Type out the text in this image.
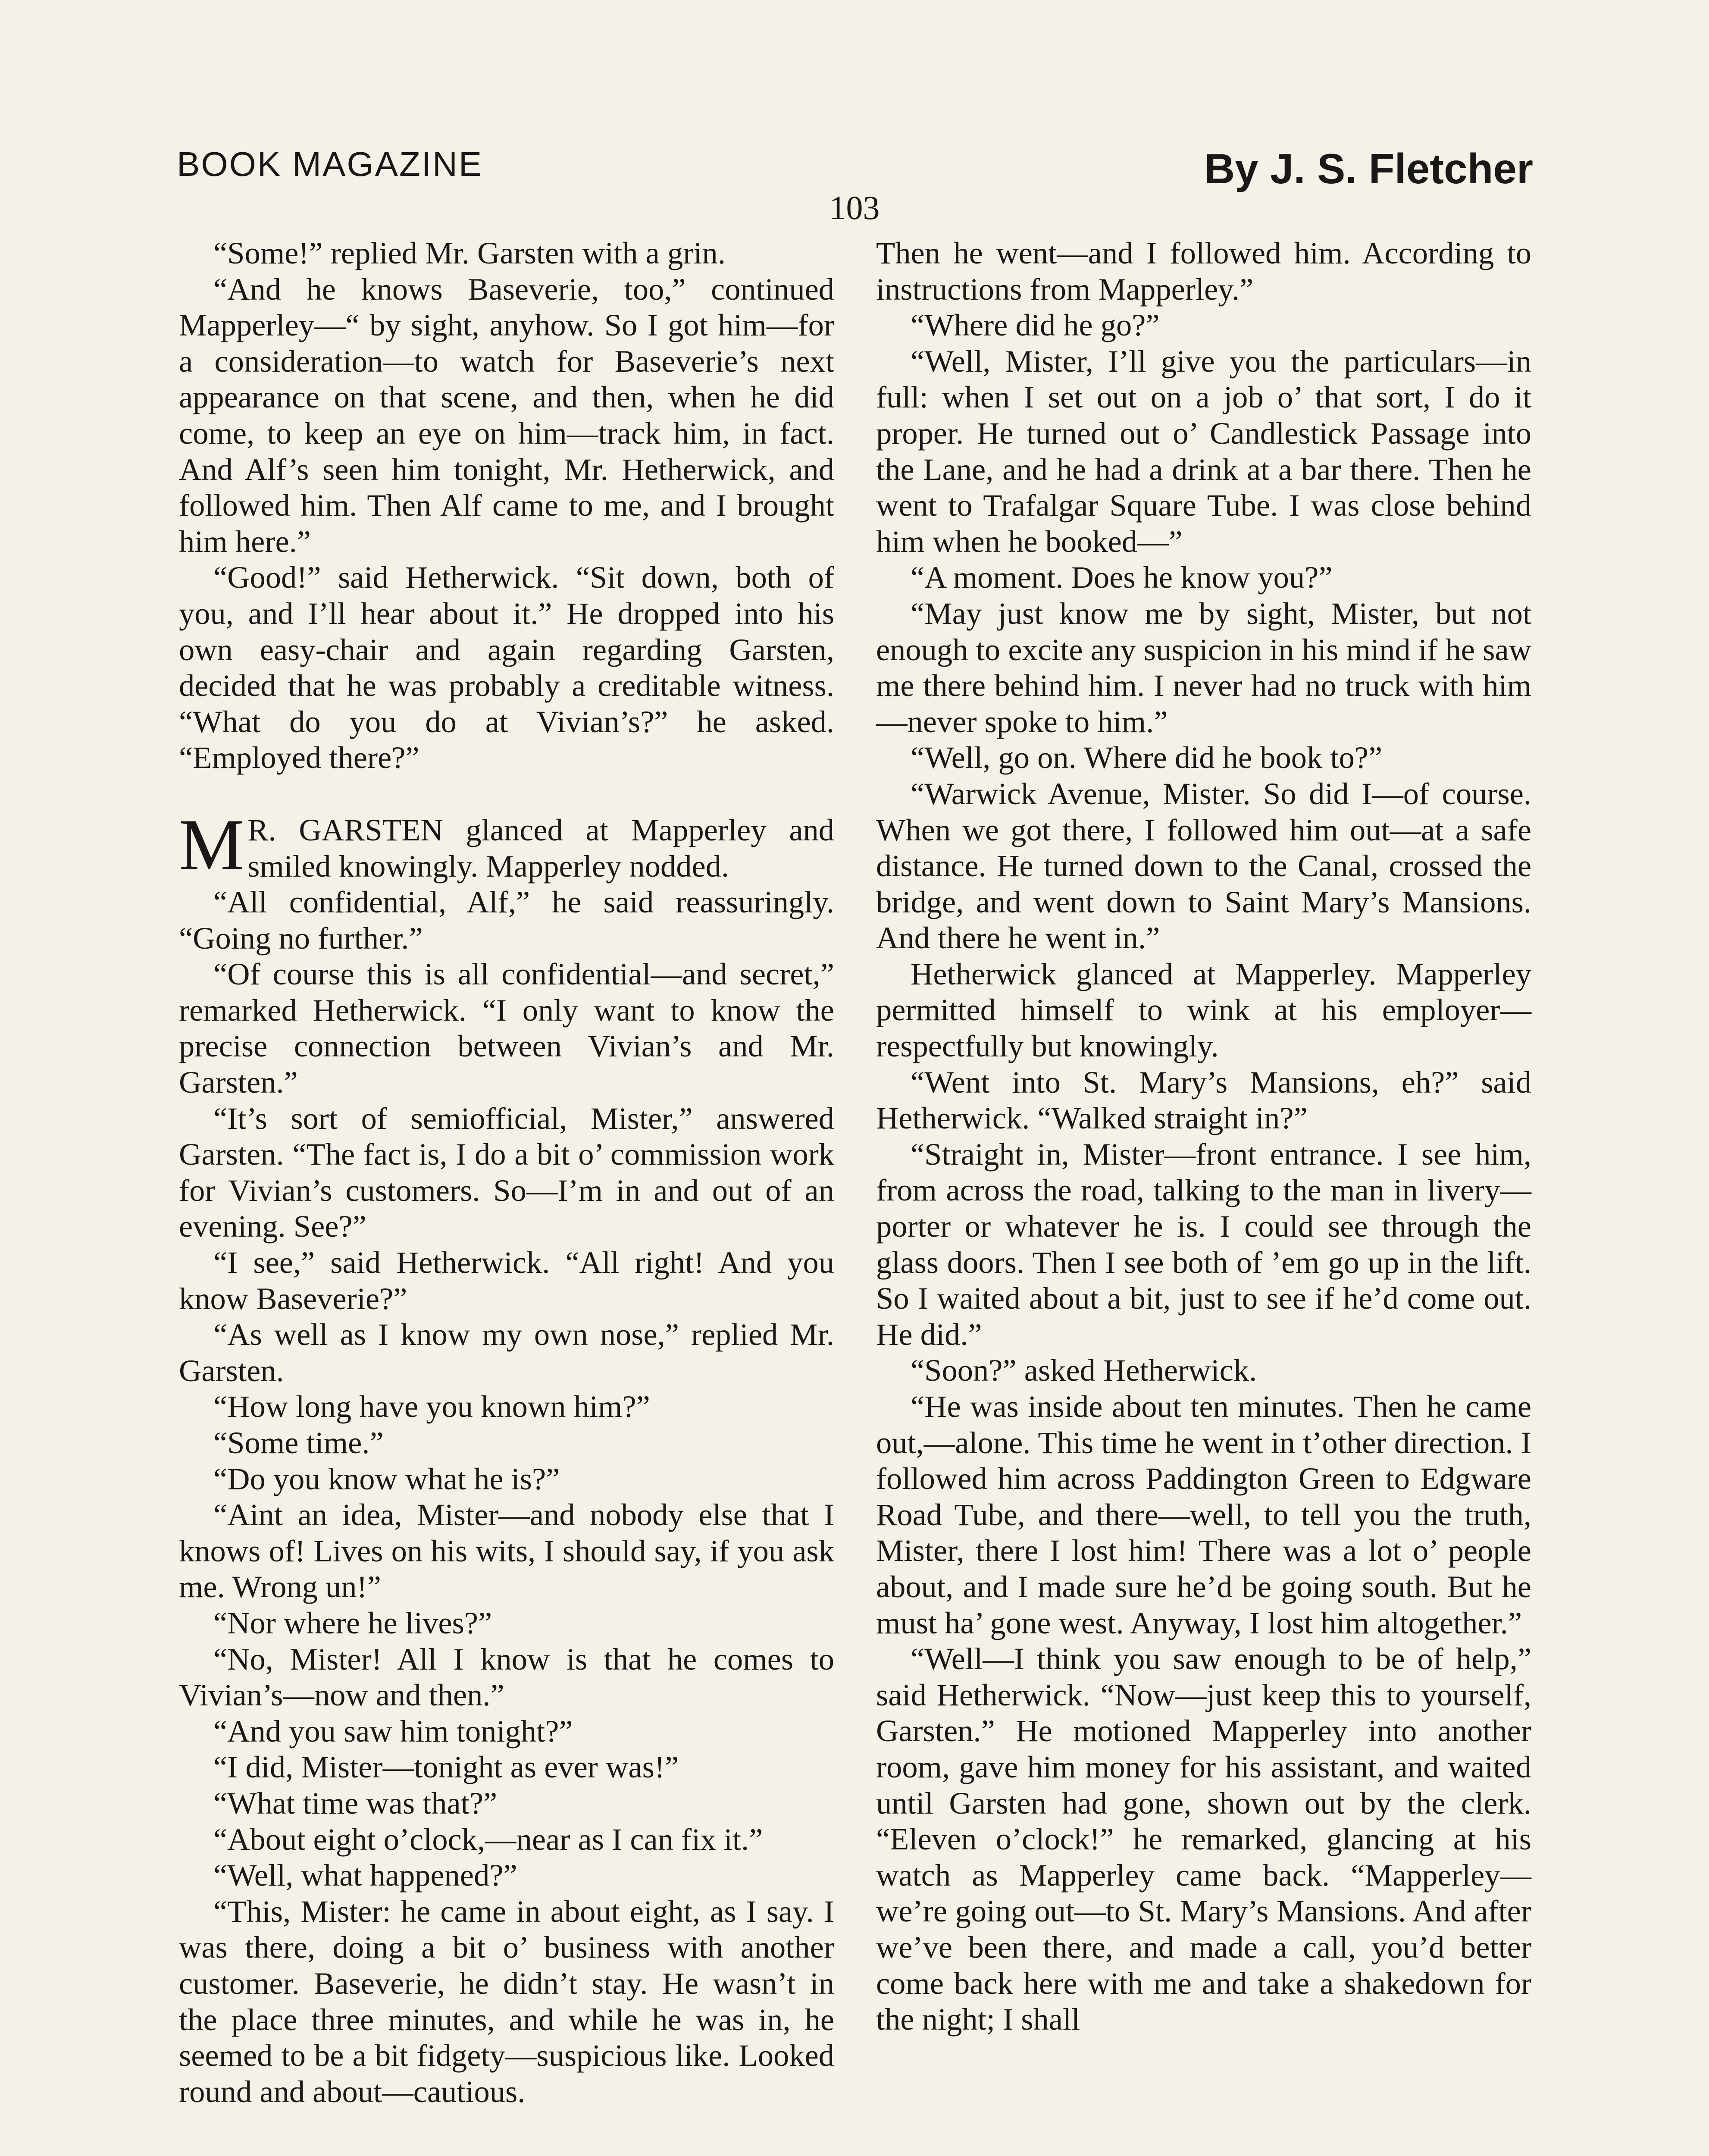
BOOK MAGAZINE	By J. S. Fletcher
103

“Some!” replied Mr. Garsten with a grin.

“And he knows Baseverie, too,” continued Mapperley—“ by sight, anyhow. So I got him—for a consideration—to watch for Baseverie’s next appearance on that scene, and then, when he did come, to keep an eye on him—track him, in fact. And Alf’s seen him tonight, Mr. Hetherwick, and followed him. Then Alf came to me, and I brought him here.”

“Good!” said Hetherwick. “Sit down, both of you, and I’ll hear about it.” He dropped into his own easy-chair and again regarding Garsten, decided that he was probably a creditable witness. “What do you do at Vivian’s?” he asked. “Employed there?”

M R. GARSTEN glanced at Mapperley and smiled knowingly. Mapperley nodded.

“All confidential, Alf,” he said reassuringly. “Going no further.”

“Of course this is all confidential—and secret,” remarked Hetherwick. “I only want to know the precise connection between Vivian’s and Mr. Garsten.”

“It’s sort of semiofficial, Mister,” answered Garsten. “The fact is, I do a bit o’ commission work for Vivian’s customers. So—I’m in and out of an evening. See?”

“I see,” said Hetherwick. “All right! And you know Baseverie?”

“As well as I know my own nose,” replied Mr. Garsten.

“How long have you known him?”

“Some time.”

“Do you know what he is?”

“Aint an idea, Mister—and nobody else that I knows of! Lives on his wits, I should say, if you ask me. Wrong un!”

“Nor where he lives?”

“No, Mister! All I know is that he comes to Vivian’s—now and then.”

“And you saw him tonight?”

“I did, Mister—tonight as ever was!”

“What time was that?”

“About eight o’clock,—near as I can fix it.”

“Well, what happened?”

“This, Mister: he came in about eight, as I say. I was there, doing a bit o’ business with another customer. Baseverie, he didn’t stay. He wasn’t in the place three minutes, and while he was in, he seemed to be a bit fidgety—suspicious like. Looked round and about—cautious.

Then he went—and I followed him. According to instructions from Mapperley.”

“Where did he go?”

“Well, Mister, I’ll give you the particulars—in full: when I set out on a job o’ that sort, I do it proper. He turned out o’ Candlestick Passage into the Lane, and he had a drink at a bar there. Then he went to Trafalgar Square Tube. I was close behind him when he booked—”

“A moment. Does he know you?”

“May just know me by sight, Mister, but not enough to excite any suspicion in his mind if he saw me there behind him. I never had no truck with him—never spoke to him.”

“Well, go on. Where did he book to?”

“Warwick Avenue, Mister. So did I—of course. When we got there, I followed him out—at a safe distance. He turned down to the Canal, crossed the bridge, and went down to Saint Mary’s Mansions. And there he went in.”

Hetherwick glanced at Mapperley. Mapperley permitted himself to wink at his employer—respectfully but knowingly.

“Went into St. Mary’s Mansions, eh?” said Hetherwick. “Walked straight in?”

“Straight in, Mister—front entrance. I see him, from across the road, talking to the man in livery—porter or whatever he is. I could see through the glass doors. Then I see both of ’em go up in the lift. So I waited about a bit, just to see if he’d come out. He did.”

“Soon?” asked Hetherwick.

“He was inside about ten minutes. Then he came out,—alone. This time he went in t’other direction. I followed him across Paddington Green to Edgware Road Tube, and there—well, to tell you the truth, Mister, there I lost him! There was a lot o’ people about, and I made sure he’d be going south. But he must ha’ gone west. Anyway, I lost him altogether.”

“Well—I think you saw enough to be of help,” said Hetherwick. “Now—just keep this to yourself, Garsten.” He motioned Mapperley into another room, gave him money for his assistant, and waited until Garsten had gone, shown out by the clerk. “Eleven o’clock!” he remarked, glancing at his watch as Mapperley came back. “Mapperley—we’re going out—to St. Mary’s Mansions. And after we’ve been there, and made a call, you’d better come back here with me and take a shakedown for the night; I shall
